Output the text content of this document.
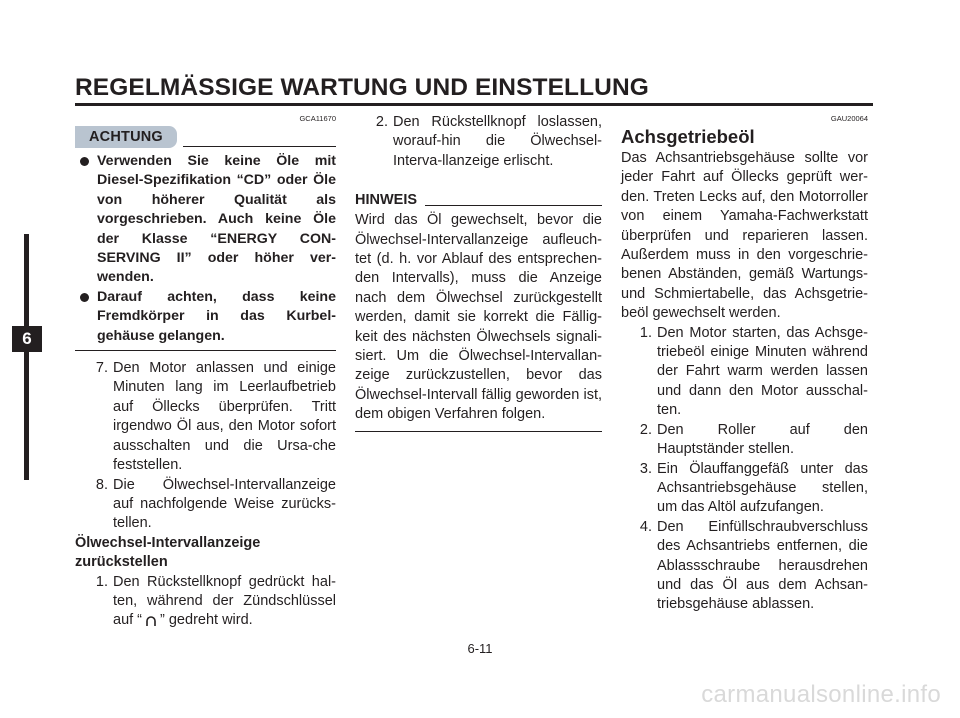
REGELMÄSSIGE WARTUNG UND EINSTELLUNG
6
GCA11670
ACHTUNG
Verwenden Sie keine Öle mit Diesel-Spezifikation “CD” oder Öle von höherer Qualität als vorgeschrieben. Auch keine Öle der Klasse “ENERGY CON-SERVING II” oder höher ver-wenden.
Darauf achten, dass keine Fremdkörper in das Kurbel-gehäuse gelangen.
7. Den Motor anlassen und einige Minuten lang im Leerlaufbetrieb auf Öllecks überprüfen. Tritt irgendwo Öl aus, den Motor sofort ausschalten und die Ursa-che feststellen.
8. Die Ölwechsel-Intervallanzeige auf nachfolgende Weise zurücks-tellen.
Ölwechsel-Intervallanzeige zurückstellen
1. Den Rückstellknopf gedrückt hal-ten, während der Zündschlüssel auf “ ” gedreht wird.
2. Den Rückstellknopf loslassen, worauf-hin die Ölwechsel-Interva-llanzeige erlischt.
HINWEIS
Wird das Öl gewechselt, bevor die Ölwechsel-Intervallanzeige aufleuch-tet (d. h. vor Ablauf des entsprechen-den Intervalls), muss die Anzeige nach dem Ölwechsel zurückgestellt werden, damit sie korrekt die Fällig-keit des nächsten Ölwechsels signali-siert. Um die Ölwechsel-Intervallan-zeige zurückzustellen, bevor das Ölwechsel-Intervall fällig geworden ist, dem obigen Verfahren folgen.
GAU20064
Achsgetriebeöl
Das Achsantriebsgehäuse sollte vor jeder Fahrt auf Öllecks geprüft wer-den. Treten Lecks auf, den Motorroller von einem Yamaha-Fachwerkstatt überprüfen und reparieren lassen. Außerdem muss in den vorgeschrie-benen Abständen, gemäß Wartungs- und Schmiertabelle, das Achsgetrie-beöl gewechselt werden.
1. Den Motor starten, das Achsge-triebeöl einige Minuten während der Fahrt warm werden lassen und dann den Motor ausschal-ten.
2. Den Roller auf den Hauptständer stellen.
3. Ein Ölauffanggefäß unter das Achsantriebsgehäuse stellen, um das Altöl aufzufangen.
4. Den Einfüllschraubverschluss des Achsantriebs entfernen, die Ablassschraube herausdrehen und das Öl aus dem Achsan-triebsgehäuse ablassen.
6-11
carmanualsonline.info
